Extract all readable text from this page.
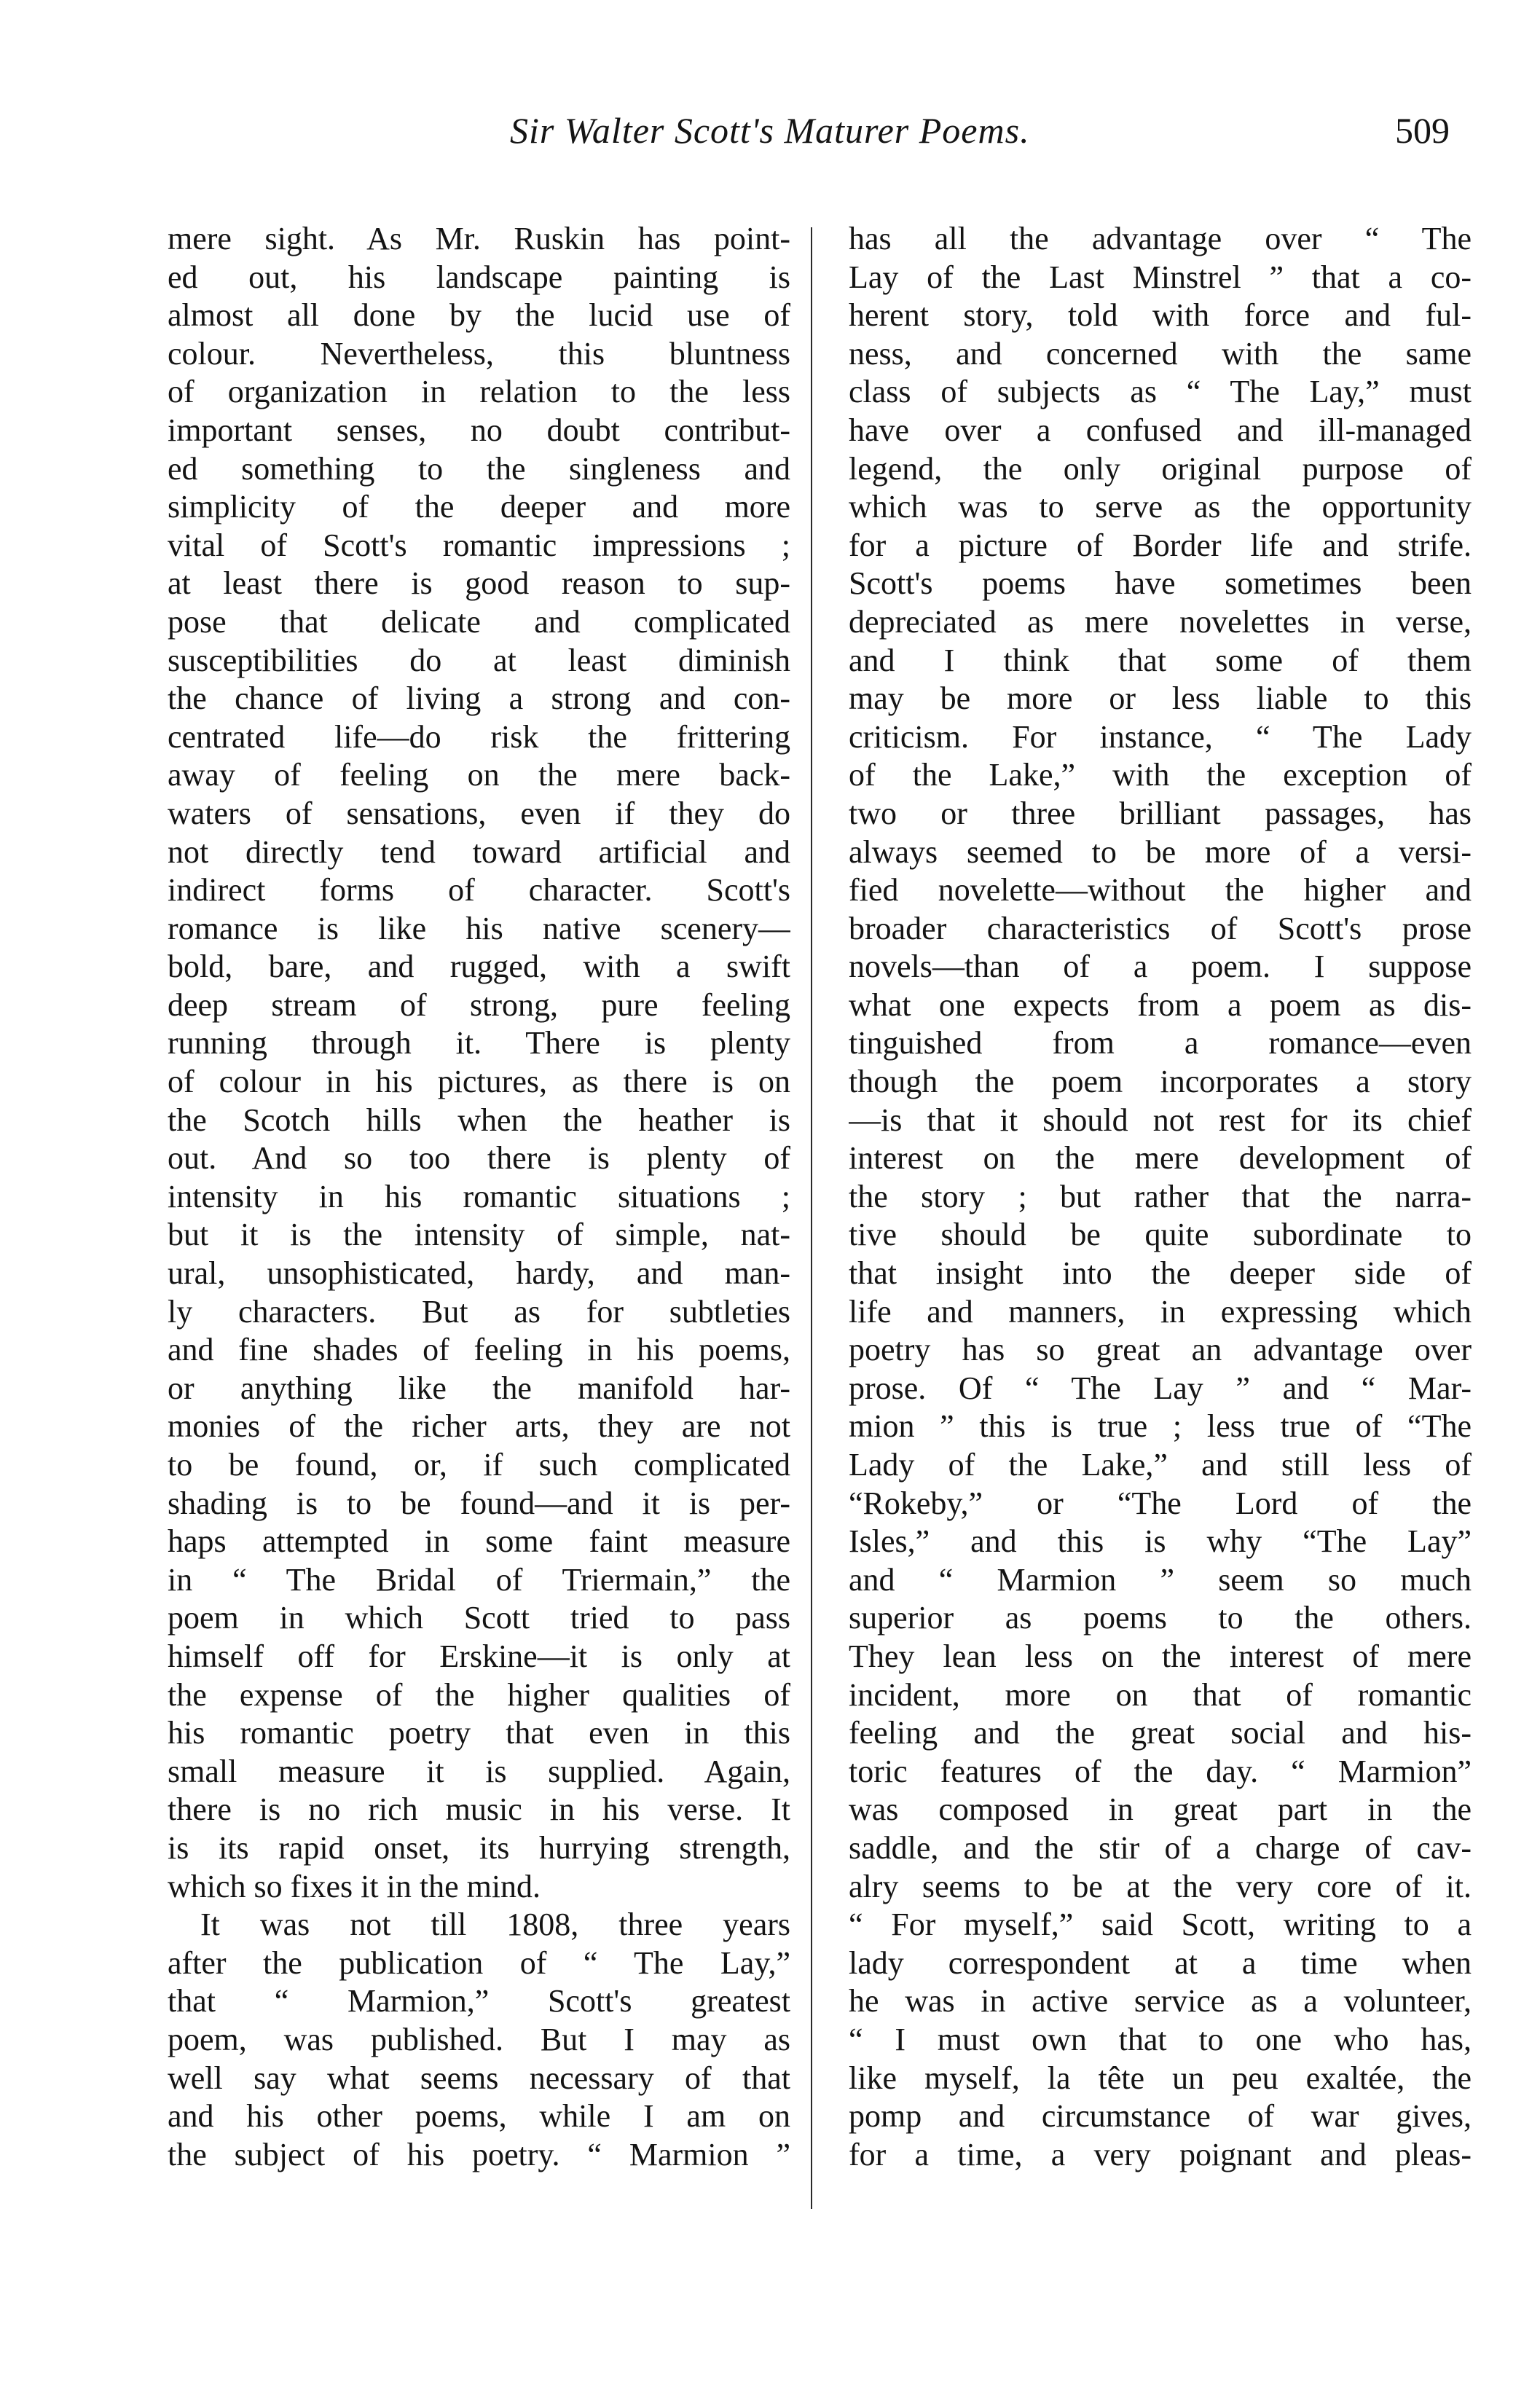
Sir Walter Scott's Maturer Poems.	509
mere sight. As Mr. Ruskin has point-
ed out, his landscape painting is
almost all done by the lucid use of
colour. Nevertheless, this bluntness
of organization in relation to the less
important senses, no doubt contribut-
ed something to the singleness and
simplicity of the deeper and more
vital of Scott's romantic impressions ;
at least there is good reason to sup-
pose that delicate and complicated
susceptibilities do at least diminish
the chance of living a strong and con-
centrated life—do risk the frittering
away of feeling on the mere back-
waters of sensations, even if they do
not directly tend toward artificial and
indirect forms of character. Scott's
romance is like his native scenery—
bold, bare, and rugged, with a swift
deep stream of strong, pure feeling
running through it. There is plenty
of colour in his pictures, as there is on
the Scotch hills when the heather is
out. And so too there is plenty of
intensity in his romantic situations ;
but it is the intensity of simple, nat-
ural, unsophisticated, hardy, and man-
ly characters. But as for subtleties
and fine shades of feeling in his poems,
or anything like the manifold har-
monies of the richer arts, they are not
to be found, or, if such complicated
shading is to be found—and it is per-
haps attempted in some faint measure
in “ The Bridal of Triermain,” the
poem in which Scott tried to pass
himself off for Erskine—it is only at
the expense of the higher qualities of
his romantic poetry that even in this
small measure it is supplied. Again,
there is no rich music in his verse. It
is its rapid onset, its hurrying strength,
which so fixes it in the mind.
It was not till 1808, three years
after the publication of “ The Lay,”
that “ Marmion,” Scott's greatest
poem, was published. But I may as
well say what seems necessary of that
and his other poems, while I am on
the subject of his poetry. “ Marmion ”
has all the advantage over “ The
Lay of the Last Minstrel ” that a co-
herent story, told with force and ful-
ness, and concerned with the same
class of subjects as “ The Lay,” must
have over a confused and ill-managed
legend, the only original purpose of
which was to serve as the opportunity
for a picture of Border life and strife.
Scott's poems have sometimes been
depreciated as mere novelettes in verse,
and I think that some of them
may be more or less liable to this
criticism. For instance, “ The Lady
of the Lake,” with the exception of
two or three brilliant passages, has
always seemed to be more of a versi-
fied novelette—without the higher and
broader characteristics of Scott's prose
novels—than of a poem. I suppose
what one expects from a poem as dis-
tinguished from a romance—even
though the poem incorporates a story
—is that it should not rest for its chief
interest on the mere development of
the story ; but rather that the narra-
tive should be quite subordinate to
that insight into the deeper side of
life and manners, in expressing which
poetry has so great an advantage over
prose. Of “ The Lay ” and “ Mar-
mion ” this is true ; less true of “The
Lady of the Lake,” and still less of
“Rokeby,” or “The Lord of the
Isles,” and this is why “The Lay”
and “ Marmion ” seem so much
superior as poems to the others.
They lean less on the interest of mere
incident, more on that of romantic
feeling and the great social and his-
toric features of the day. “ Marmion”
was composed in great part in the
saddle, and the stir of a charge of cav-
alry seems to be at the very core of it.
“ For myself,” said Scott, writing to a
lady correspondent at a time when
he was in active service as a volunteer,
“ I must own that to one who has,
like myself, la tête un peu exaltée, the
pomp and circumstance of war gives,
for a time, a very poignant and pleas-
